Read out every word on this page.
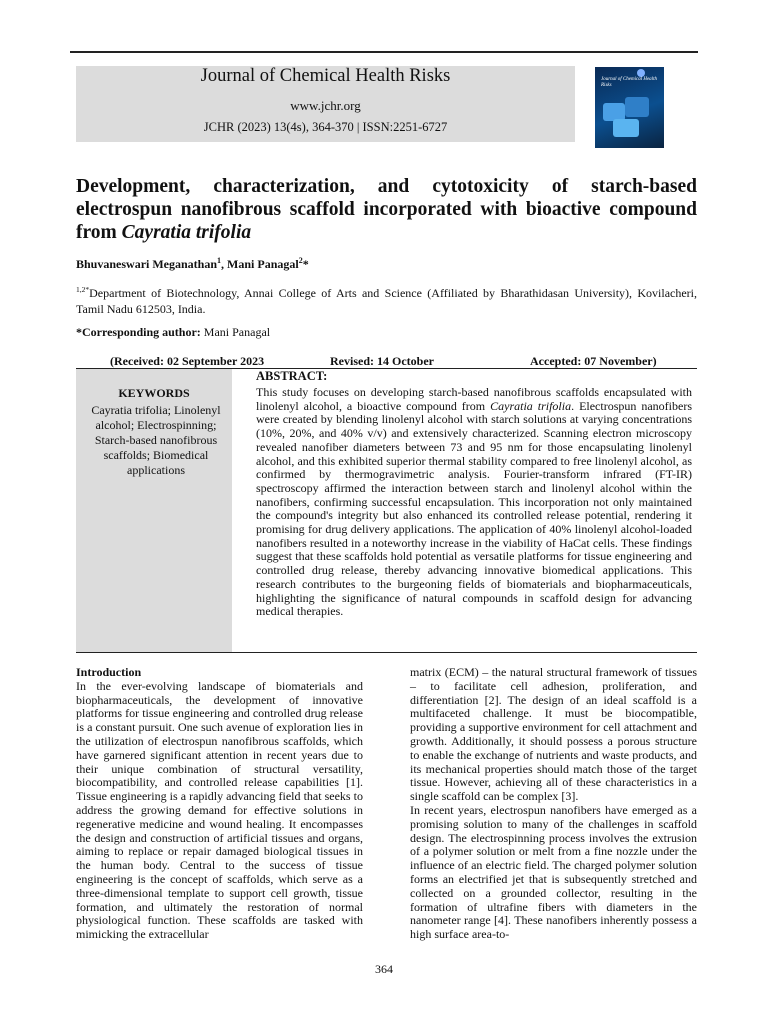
Journal of Chemical Health Risks
www.jchr.org
JCHR (2023) 13(4s), 364-370 | ISSN:2251-6727
Journal of Chemical Health Risks
Development, characterization, and cytotoxicity of starch-based electrospun nanofibrous scaffold incorporated with bioactive compound from Cayratia trifolia
Bhuvaneswari Meganathan$^1$, Mani Panagal$^2$*
$^{1,2*}$Department of Biotechnology, Annai College of Arts and Science (Affiliated by Bharathidasan University), Kovilacheri, Tamil Nadu 612503, India.
*Corresponding author: Mani Panagal
(Received: 02 September 2023	Revised: 14 October	Accepted: 07 November)
KEYWORDS
Cayratia trifolia; Linolenyl alcohol; Electrospinning; Starch-based nanofibrous scaffolds; Biomedical applications
ABSTRACT:
This study focuses on developing starch-based nanofibrous scaffolds encapsulated with linolenyl alcohol, a bioactive compound from Cayratia trifolia. Electrospun nanofibers were created by blending linolenyl alcohol with starch solutions at varying concentrations (10%, 20%, and 40% v/v) and extensively characterized. Scanning electron microscopy revealed nanofiber diameters between 73 and 95 nm for those encapsulating linolenyl alcohol, and this exhibited superior thermal stability compared to free linolenyl alcohol, as confirmed by thermogravimetric analysis. Fourier-transform infrared (FT-IR) spectroscopy affirmed the interaction between starch and linolenyl alcohol within the nanofibers, confirming successful encapsulation. This incorporation not only maintained the compound's integrity but also enhanced its controlled release potential, rendering it promising for drug delivery applications. The application of 40% linolenyl alcohol-loaded nanofibers resulted in a noteworthy increase in the viability of HaCat cells. These findings suggest that these scaffolds hold potential as versatile platforms for tissue engineering and controlled drug release, thereby advancing innovative biomedical applications. This research contributes to the burgeoning fields of biomaterials and biopharmaceuticals, highlighting the significance of natural compounds in scaffold design for advancing medical therapies.

Introduction

In the ever-evolving landscape of biomaterials and biopharmaceuticals, the development of innovative platforms for tissue engineering and controlled drug release is a constant pursuit. One such avenue of exploration lies in the utilization of electrospun nanofibrous scaffolds, which have garnered significant attention in recent years due to their unique combination of structural versatility, biocompatibility, and controlled release capabilities [1]. Tissue engineering is a rapidly advancing field that seeks to address the growing demand for effective solutions in regenerative medicine and wound healing. It encompasses the design and construction of artificial tissues and organs, aiming to replace or repair damaged biological tissues in the human body. Central to the success of tissue engineering is the concept of scaffolds, which serve as a three-dimensional template to support cell growth, tissue formation, and ultimately the restoration of normal physiological function. These scaffolds are tasked with mimicking the extracellular

matrix (ECM) – the natural structural framework of tissues – to facilitate cell adhesion, proliferation, and differentiation [2]. The design of an ideal scaffold is a multifaceted challenge. It must be biocompatible, providing a supportive environment for cell attachment and growth. Additionally, it should possess a porous structure to enable the exchange of nutrients and waste products, and its mechanical properties should match those of the target tissue. However, achieving all of these characteristics in a single scaffold can be complex [3].

In recent years, electrospun nanofibers have emerged as a promising solution to many of the challenges in scaffold design. The electrospinning process involves the extrusion of a polymer solution or melt from a fine nozzle under the influence of an electric field. The charged polymer solution forms an electrified jet that is subsequently stretched and collected on a grounded collector, resulting in the formation of ultrafine fibers with diameters in the nanometer range [4]. These nanofibers inherently possess a high surface area-to-

364
